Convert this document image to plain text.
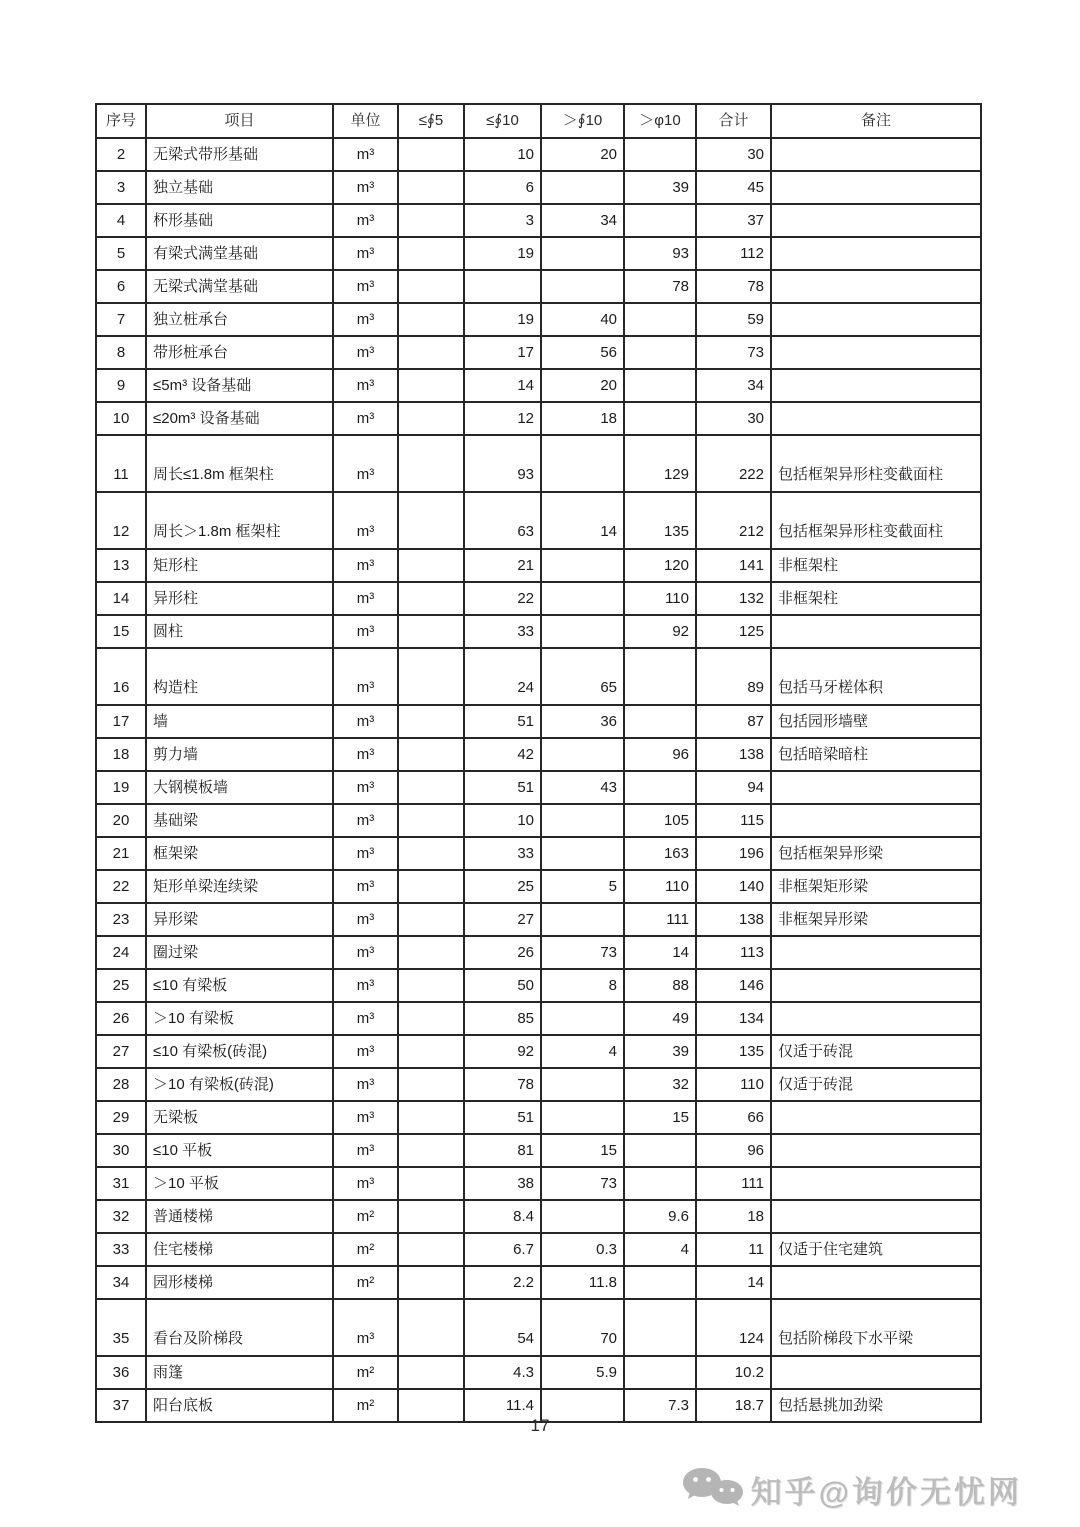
序号	项目	单位	≤∮5	≤∮10	＞∮10	＞φ10	合计	备注
2	无梁式带形基础	m³		10	20		30	
3	独立基础	m³		6		39	45	
4	杯形基础	m³		3	34		37	
5	有梁式满堂基础	m³		19		93	112	
6	无梁式满堂基础	m³				78	78	
7	独立桩承台	m³		19	40		59	
8	带形桩承台	m³		17	56		73	
9	≤5m³ 设备基础	m³		14	20		34	
10	≤20m³ 设备基础	m³		12	18		30	
11	周长≤1.8m 框架柱	m³		93		129	222	包括框架异形柱变截面柱
12	周长＞1.8m 框架柱	m³		63	14	135	212	包括框架异形柱变截面柱
13	矩形柱	m³		21		120	141	非框架柱
14	异形柱	m³		22		110	132	非框架柱
15	圆柱	m³		33		92	125	
16	构造柱	m³		24	65		89	包括马牙槎体积
17	墙	m³		51	36		87	包括园形墙壁
18	剪力墙	m³		42		96	138	包括暗梁暗柱
19	大钢模板墙	m³		51	43		94	
20	基础梁	m³		10		105	115	
21	框架梁	m³		33		163	196	包括框架异形梁
22	矩形单梁连续梁	m³		25	5	110	140	非框架矩形梁
23	异形梁	m³		27		111	138	非框架异形梁
24	圈过梁	m³		26	73	14	113	
25	≤10 有梁板	m³		50	8	88	146	
26	＞10 有梁板	m³		85		49	134	
27	≤10 有梁板(砖混)	m³		92	4	39	135	仅适于砖混
28	＞10 有梁板(砖混)	m³		78		32	110	仅适于砖混
29	无梁板	m³		51		15	66	
30	≤10 平板	m³		81	15		96	
31	＞10 平板	m³		38	73		111	
32	普通楼梯	m²		8.4		9.6	18	
33	住宅楼梯	m²		6.7	0.3	4	11	仅适于住宅建筑
34	园形楼梯	m²		2.2	11.8		14	
35	看台及阶梯段	m³		54	70		124	包括阶梯段下水平梁
36	雨篷	m²		4.3	5.9		10.2	
37	阳台底板	m²		11.4		7.3	18.7	包括悬挑加劲梁
17
知乎@询价无忧网
